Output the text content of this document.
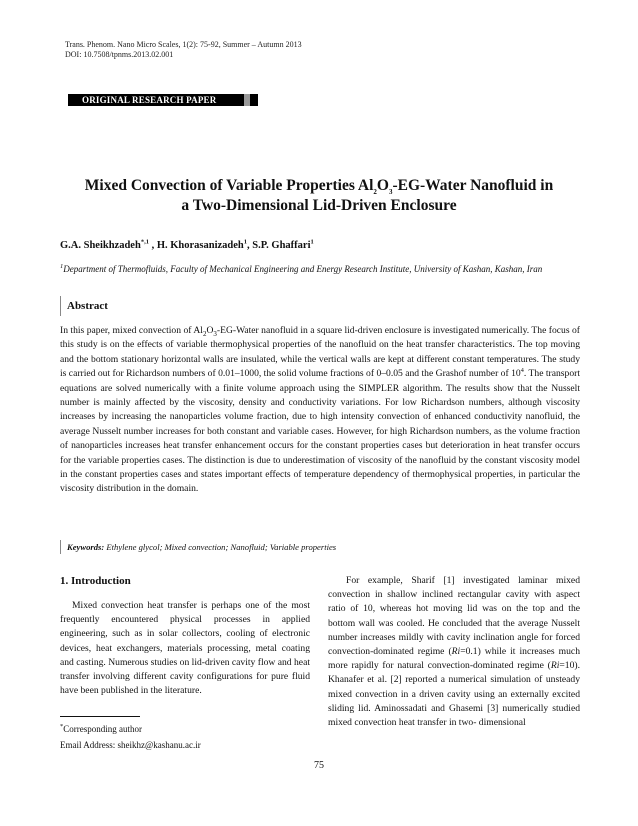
Trans. Phenom. Nano Micro Scales, 1(2): 75-92, Summer – Autumn 2013
DOI: 10.7508/tpnms.2013.02.001
ORIGINAL RESEARCH PAPER
Mixed Convection of Variable Properties $Al_2O_3-EG$-Water Nanofluid in
a Two-Dimensional Lid-Driven Enclosure
G.A. Sheikhzadeh$^{*,1}$ , H. Khorasanizadeh$^1$, S.P. Ghaffari$^1$
$^1$Department of Thermofluids, Faculty of Mechanical Engineering and Energy Research Institute, University of Kashan, Kashan, Iran
Abstract
In this paper, mixed convection of $Al_2O_3-EG$-Water nanofluid in a square lid-driven enclosure is investigated numerically. The focus of this study is on the effects of variable thermophysical properties of the nanofluid on the heat transfer characteristics. The top moving and the bottom stationary horizontal walls are insulated, while the vertical walls are kept at different constant temperatures. The study is carried out for Richardson numbers of 0.01–1000, the solid volume fractions of 0–0.05 and the Grashof number of $10^4$. The transport equations are solved numerically with a finite volume approach using the SIMPLER algorithm. The results show that the Nusselt number is mainly affected by the viscosity, density and conductivity variations. For low Richardson numbers, although viscosity increases by increasing the nanoparticles volume fraction, due to high intensity convection of enhanced conductivity nanofluid, the average Nusselt number increases for both constant and variable cases. However, for high Richardson numbers, as the volume fraction of nanoparticles increases heat transfer enhancement occurs for the constant properties cases but deterioration in heat transfer occurs for the variable properties cases. The distinction is due to underestimation of viscosity of the nanofluid by the constant viscosity model in the constant properties cases and states important effects of temperature dependency of thermophysical properties, in particular the viscosity distribution in the domain.
Keywords: Ethylene glycol; Mixed convection; Nanofluid; Variable properties
1. Introduction
Mixed convection heat transfer is perhaps one of the most frequently encountered physical processes in applied engineering, such as in solar collectors, cooling of electronic devices, heat exchangers, materials processing, metal coating and casting. Numerous studies on lid-driven cavity flow and heat transfer involving different cavity configurations for pure fluid have been published in the literature.
For example, Sharif [1] investigated laminar mixed convection in shallow inclined rectangular cavity with aspect ratio of 10, whereas hot moving lid was on the top and the bottom wall was cooled. He concluded that the average Nusselt number increases mildly with cavity inclination angle for forced convection-dominated regime (Ri=0.1) while it increases much more rapidly for natural convection-dominated regime (Ri=10). Khanafer et al. [2] reported a numerical simulation of unsteady mixed convection in a driven cavity using an externally excited sliding lid. Aminossadati and Ghasemi [3] numerically studied mixed convection heat transfer in two- dimensional
*Corresponding author
Email Address: sheikhz@kashanu.ac.ir
75
